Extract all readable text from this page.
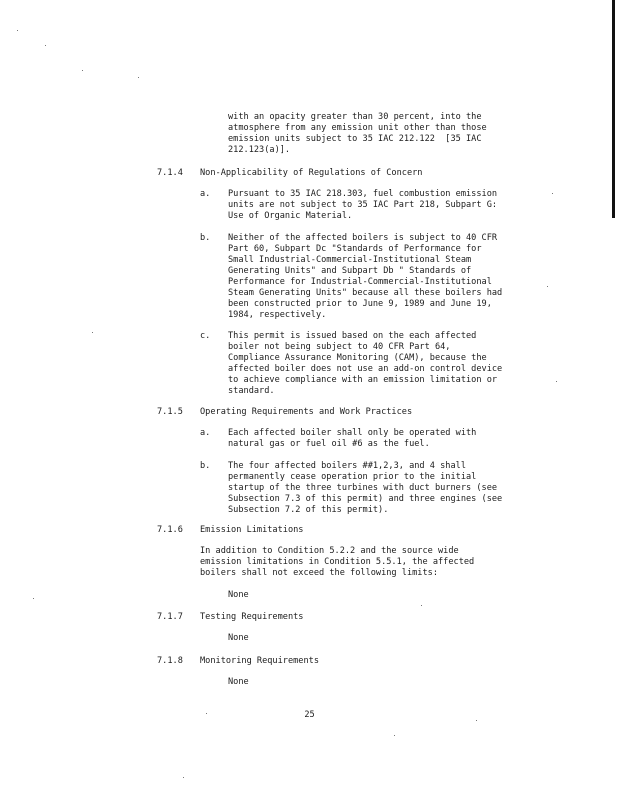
with an opacity greater than 30 percent, into the

atmosphere from any emission unit other than those

emission units subject to 35 IAC 212.122  [35 IAC

212.123(a)].

7.1.4 Non-Applicability of Regulations of Concern

a. Pursuant to 35 IAC 218.303, fuel combustion emission

units are not subject to 35 IAC Part 218, Subpart G:

Use of Organic Material.

b. Neither of the affected boilers is subject to 40 CFR

Part 60, Subpart Dc "Standards of Performance for

Small Industrial-Commercial-Institutional Steam

Generating Units" and Subpart Db " Standards of

Performance for Industrial-Commercial-Institutional

Steam Generating Units" because all these boilers had

been constructed prior to June 9, 1989 and June 19,

1984, respectively.

c. This permit is issued based on the each affected

boiler not being subject to 40 CFR Part 64,

Compliance Assurance Monitoring (CAM), because the

affected boiler does not use an add-on control device

to achieve compliance with an emission limitation or

standard.

7.1.5 Operating Requirements and Work Practices

a. Each affected boiler shall only be operated with

natural gas or fuel oil #6 as the fuel.

b. The four affected boilers ##1,2,3, and 4 shall

permanently cease operation prior to the initial

startup of the three turbines with duct burners (see

Subsection 7.3 of this permit) and three engines (see

Subsection 7.2 of this permit).

7.1.6 Emission Limitations

In addition to Condition 5.2.2 and the source wide

emission limitations in Condition 5.5.1, the affected

boilers shall not exceed the following limits:

None

7.1.7 Testing Requirements

None

7.1.8 Monitoring Requirements

None

25
